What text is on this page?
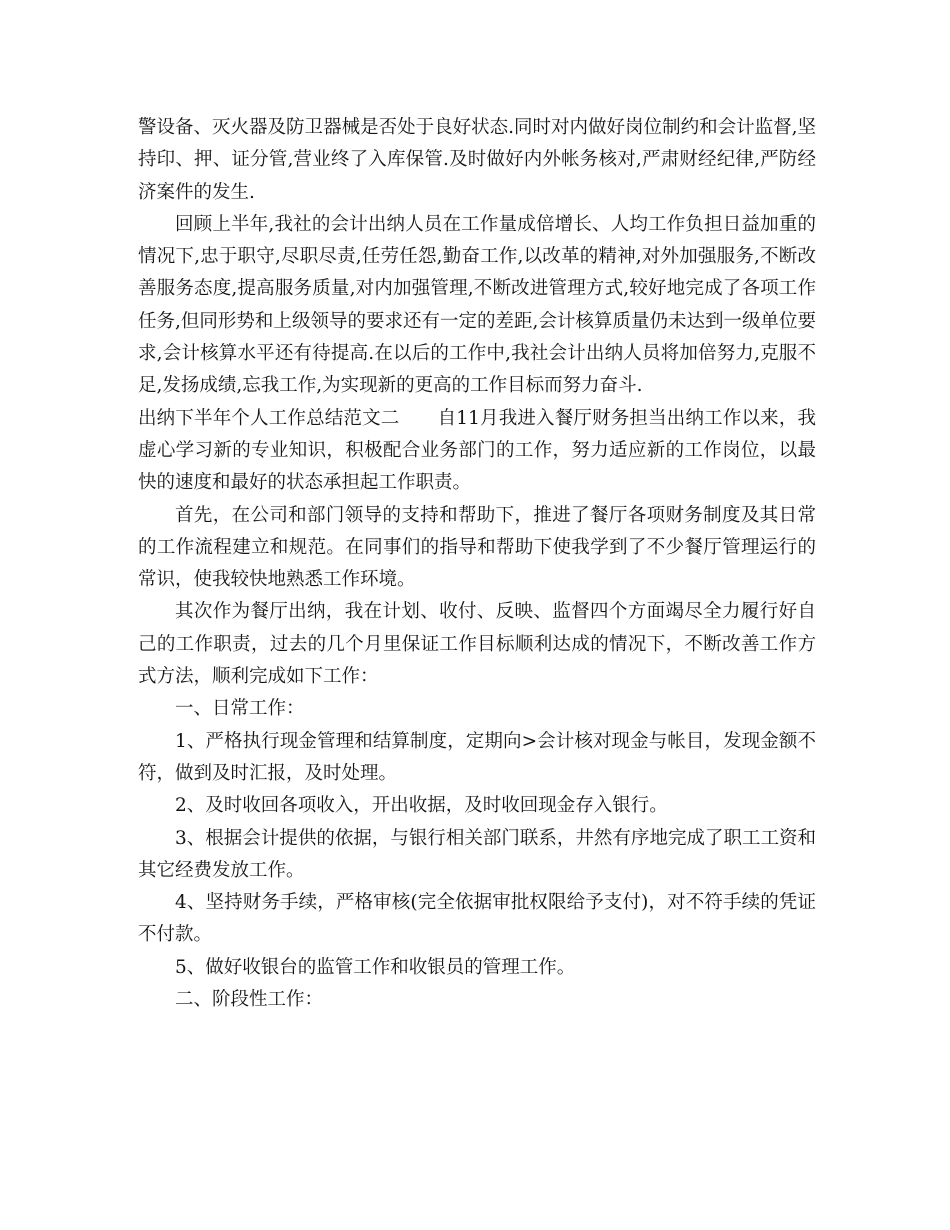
警设备、灭火器及防卫器械是否处于良好状态.同时对内做好岗位制约和会计监督,坚持印、押、证分管,营业终了入库保管.及时做好内外帐务核对,严肃财经纪律,严防经济案件的发生.

回顾上半年,我社的会计出纳人员在工作量成倍增长、人均工作负担日益加重的情况下,忠于职守,尽职尽责,任劳任怨,勤奋工作,以改革的精神,对外加强服务,不断改善服务态度,提高服务质量,对内加强管理,不断改进管理方式,较好地完成了各项工作任务,但同形势和上级领导的要求还有一定的差距,会计核算质量仍未达到一级单位要求,会计核算水平还有待提高.在以后的工作中,我社会计出纳人员将加倍努力,克服不足,发扬成绩,忘我工作,为实现新的更高的工作目标而努力奋斗.

出纳下半年个人工作总结范文二 自11月我进入餐厅财务担当出纳工作以来，我虚心学习新的专业知识，积极配合业务部门的工作，努力适应新的工作岗位，以最快的速度和最好的状态承担起工作职责。

首先，在公司和部门领导的支持和帮助下，推进了餐厅各项财务制度及其日常的工作流程建立和规范。在同事们的指导和帮助下使我学到了不少餐厅管理运行的常识，使我较快地熟悉工作环境。

其次作为餐厅出纳，我在计划、收付、反映、监督四个方面竭尽全力履行好自己的工作职责，过去的几个月里保证工作目标顺利达成的情况下，不断改善工作方式方法，顺利完成如下工作：

一、日常工作：

1、严格执行现金管理和结算制度，定期向>会计核对现金与帐目，发现金额不符，做到及时汇报，及时处理。

2、及时收回各项收入，开出收据，及时收回现金存入银行。

3、根据会计提供的依据，与银行相关部门联系，井然有序地完成了职工工资和其它经费发放工作。

4、坚持财务手续，严格审核(完全依据审批权限给予支付)，对不符手续的凭证不付款。

5、做好收银台的监管工作和收银员的管理工作。

二、阶段性工作：
